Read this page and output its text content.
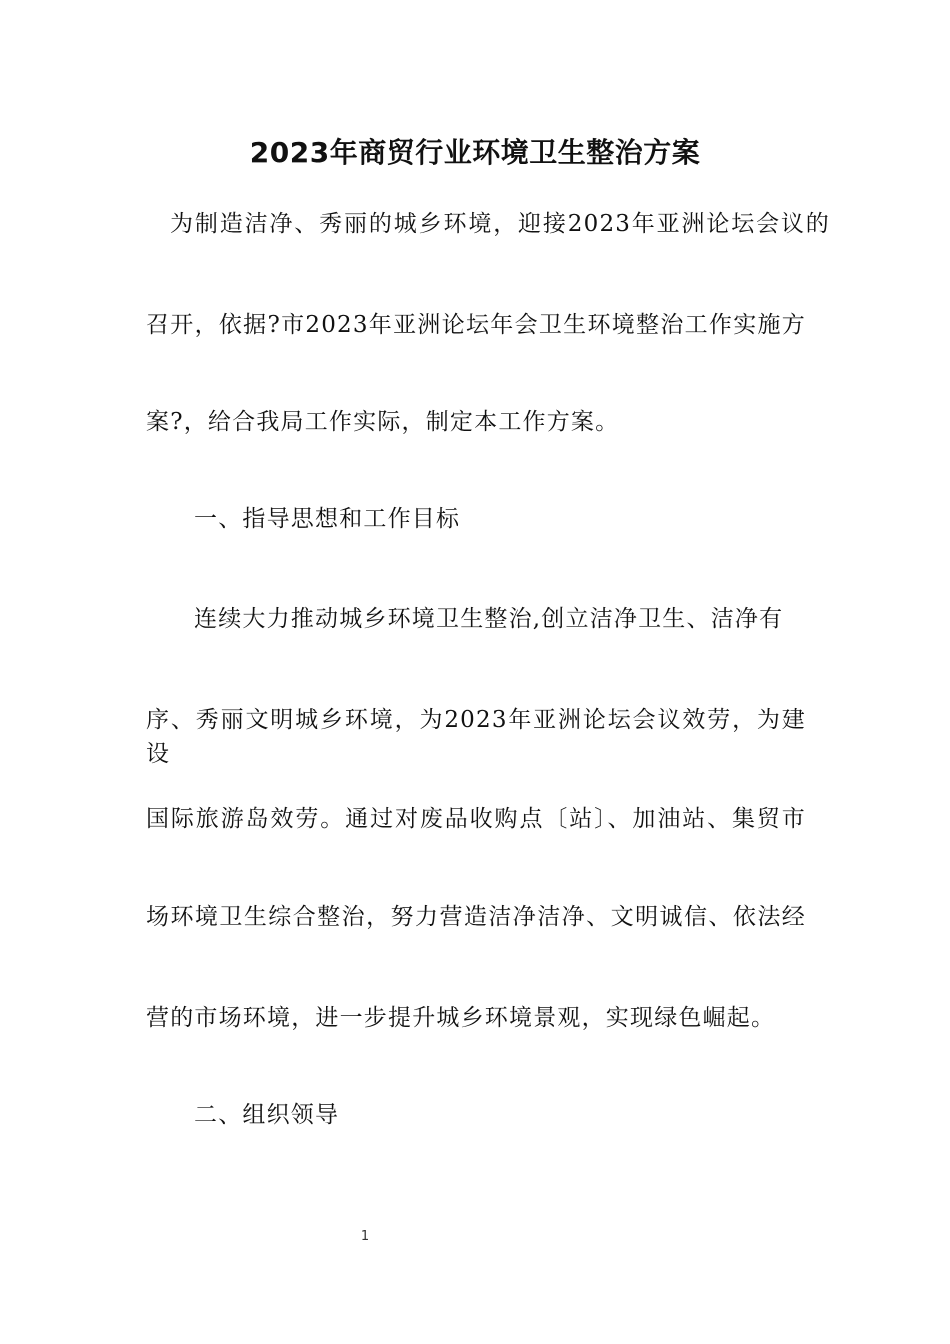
2023年商贸行业环境卫生整治方案
为制造洁净、秀丽的城乡环境，迎接2023年亚洲论坛会议的
召开，依据?市2023年亚洲论坛年会卫生环境整治工作实施方
案?，给合我局工作实际，制定本工作方案。
一、指导思想和工作目标
连续大力推动城乡环境卫生整治,创立洁净卫生、洁净有
序、秀丽文明城乡环境，为2023年亚洲论坛会议效劳，为建设
国际旅游岛效劳。通过对废品收购点〔站〕、加油站、集贸市
场环境卫生综合整治，努力营造洁净洁净、文明诚信、依法经
营的市场环境，进一步提升城乡环境景观，实现绿色崛起。
二、组织领导
1
